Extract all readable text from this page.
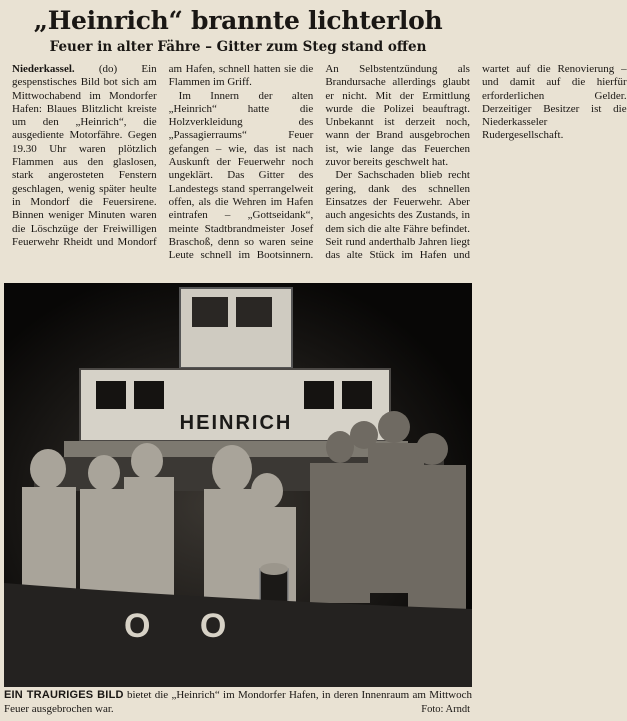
„Heinrich“ brannte lichterloh
Feuer in alter Fähre – Gitter zum Steg stand offen

Niederkassel. (do) Ein gespenstisches Bild bot sich am Mittwochabend im Mondorfer Hafen: Blaues Blitzlicht kreiste um den „Heinrich“, die ausgediente Motorfähre. Gegen 19.30 Uhr waren plötzlich Flammen aus den glaslosen, stark angerosteten Fenstern geschlagen, wenig später heulte in Mondorf die Feuersirene. Binnen weniger Minuten waren die Löschzüge der Freiwilligen Feuerwehr Rheidt und Mondorf am Hafen, schnell hatten sie die Flammen im Griff.

Im Innern der alten „Heinrich“ hatte die Holzverkleidung des „Passagierraums“ Feuer gefangen – wie, das ist nach Auskunft der Feuerwehr noch ungeklärt. Das Gitter des Landestegs stand sperrangelweit offen, als die Wehren im Hafen eintrafen – „Gottseidank“, meinte Stadtbrandmeister Josef Braschoß, denn so waren seine Leute schnell im Bootsinnern. An Selbstentzündung als Brandursache allerdings glaubt er nicht. Mit der Ermittlung wurde die Polizei beauftragt. Unbekannt ist derzeit noch, wann der Brand ausgebrochen ist, wie lange das Feuerchen zuvor bereits geschwelt hat.

Der Sachschaden blieb recht gering, dank des schnellen Einsatzes der Feuerwehr. Aber auch angesichts des Zustands, in dem sich die alte Fähre befindet. Seit rund anderthalb Jahren liegt das alte Stück im Hafen und wartet auf die Renovierung – und damit auf die hierfür erforderlichen Gelder. Derzeitiger Besitzer ist die Niederkasseler Rudergesellschaft.

HEINRICH
O O
EIN TRAURIGES BILD bietet die „Heinrich“ im Mondorfer Hafen, in deren Innenraum am Mittwoch Feuer ausgebrochen war.	Foto: Arndt
